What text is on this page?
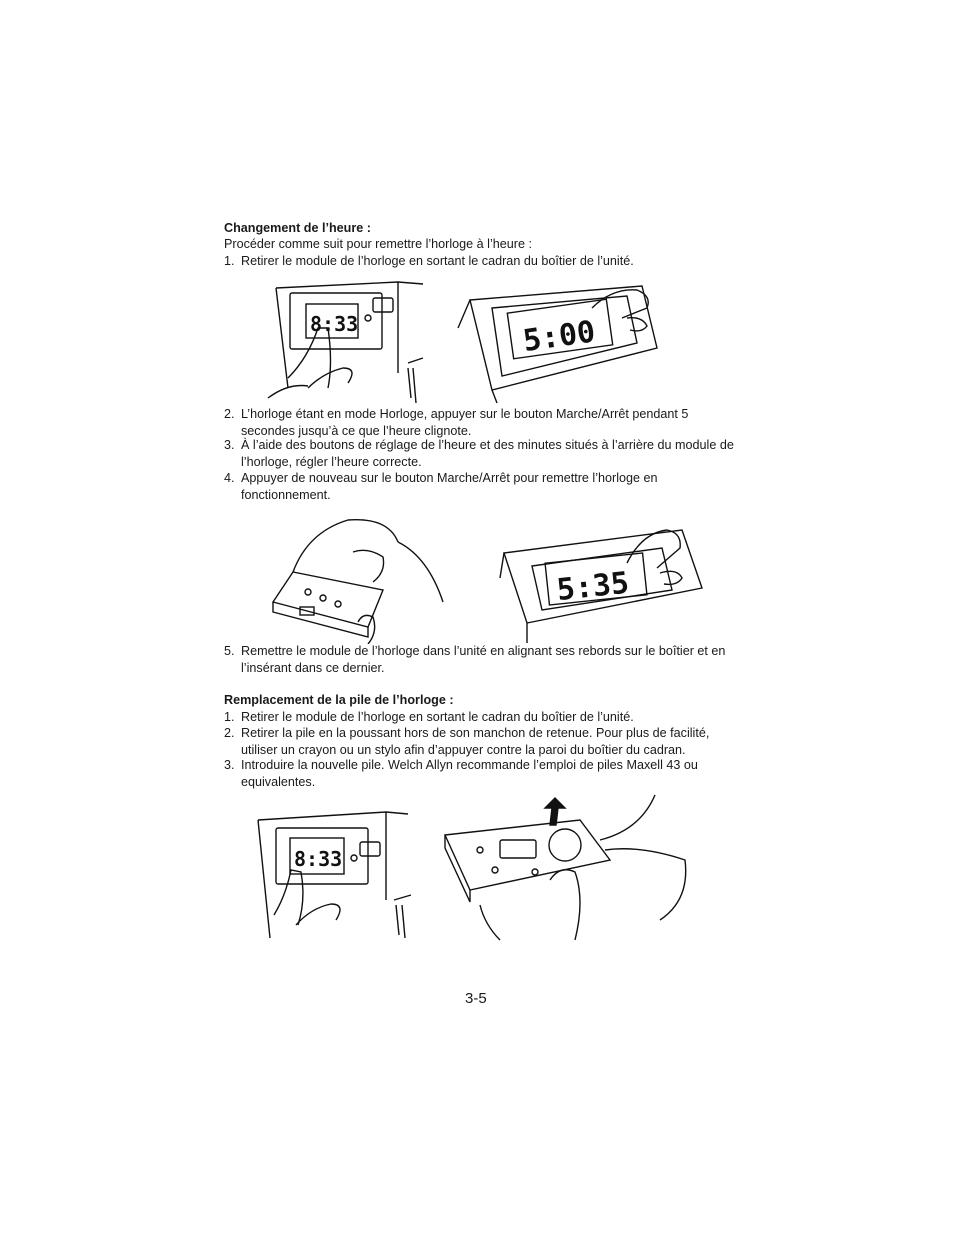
Changement de l’heure :

Procéder comme suit pour remettre l’horloge à l’heure :

1. Retirer le module de l’horloge en sortant le cadran du boîtier de l’unité.
8:33	5:00
2. L’horloge étant en mode Horloge, appuyer sur le bouton Marche/Arrêt pendant 5 secondes jusqu’à ce que l’heure clignote.
3. À l’aide des boutons de réglage de l’heure et des minutes situés à l’arrière du module de l’horloge, régler l’heure correcte.
4. Appuyer de nouveau sur le bouton Marche/Arrêt pour remettre l’horloge en fonctionnement.
5:35
5. Remettre le module de l’horloge dans l’unité en alignant ses rebords sur le boîtier et en l’insérant dans ce dernier.

Remplacement de la pile de l’horloge :

1. Retirer le module de l’horloge en sortant le cadran du boîtier de l’unité.
2. Retirer la pile en la poussant hors de son manchon de retenue. Pour plus de facilité, utiliser un crayon ou un stylo afin d’appuyer contre la paroi du boîtier du cadran.
3. Introduire la nouvelle pile. Welch Allyn recommande l’emploi de piles Maxell 43 ou equivalentes.
8:33
3-5
